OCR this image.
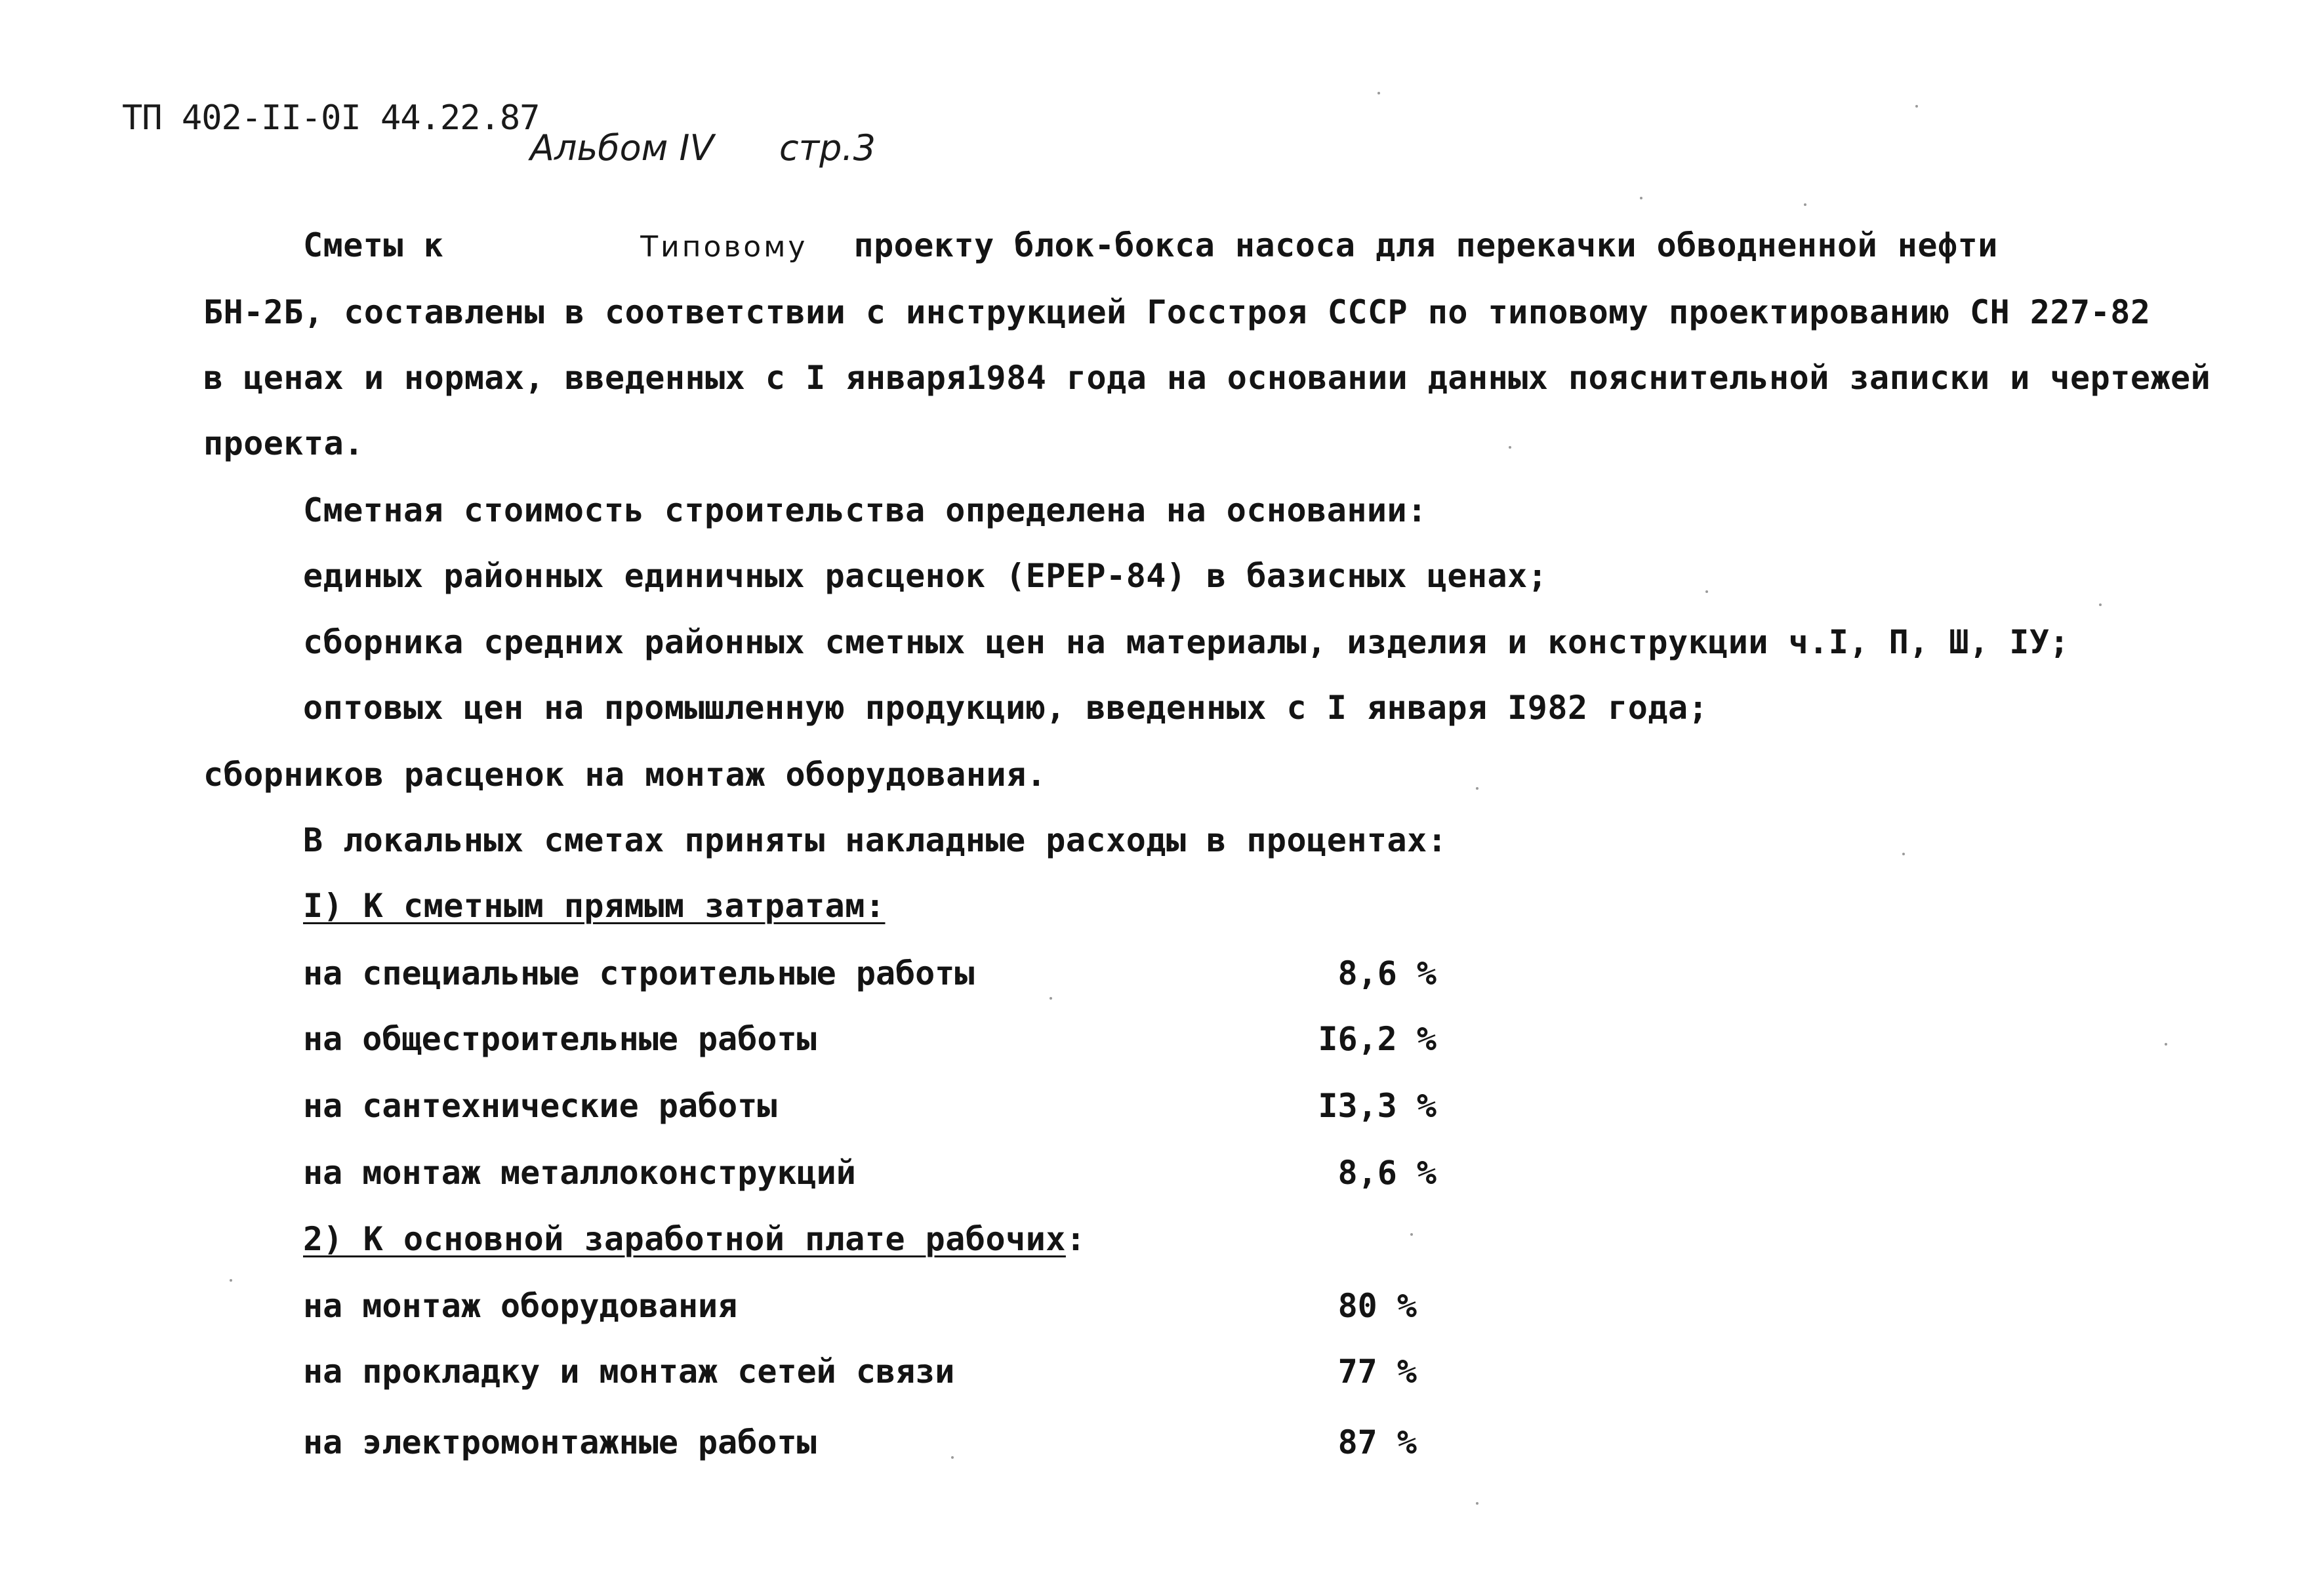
ТП 402-II-0I 44.22.87
Альбом IV стр.3
Сметы к	Типовому проекту блок-бокса насоса для перекачки обводненной нефти
БН-2Б, составлены в соответствии с инструкцией Госстроя СССР по типовому проектированию СН 227-82
в ценах и нормах, введенных с I января1984 года на основании данных пояснительной записки и чертежей
проекта.
Сметная стоимость строительства определена на основании:
единых районных единичных расценок (ЕРЕР-84) в базисных ценах;
сборника средних районных сметных цен на материалы, изделия и конструкции ч.I, П, Ш, IУ;
оптовых цен на промышленную продукцию, введенных с I января I982 года;
сборников расценок на монтаж оборудования.
В локальных сметах приняты накладные расходы в процентах:
I) К сметным прямым затратам:
на специальные строительные работы	8,6 %
на общестроительные работы	I6,2 %
на сантехнические работы	I3,3 %
на монтаж металлоконструкций	8,6 %
2) К основной заработной плате рабочих:
на монтаж оборудования	80 %
на прокладку и монтаж сетей связи	77 %
на электромонтажные работы	87 %
